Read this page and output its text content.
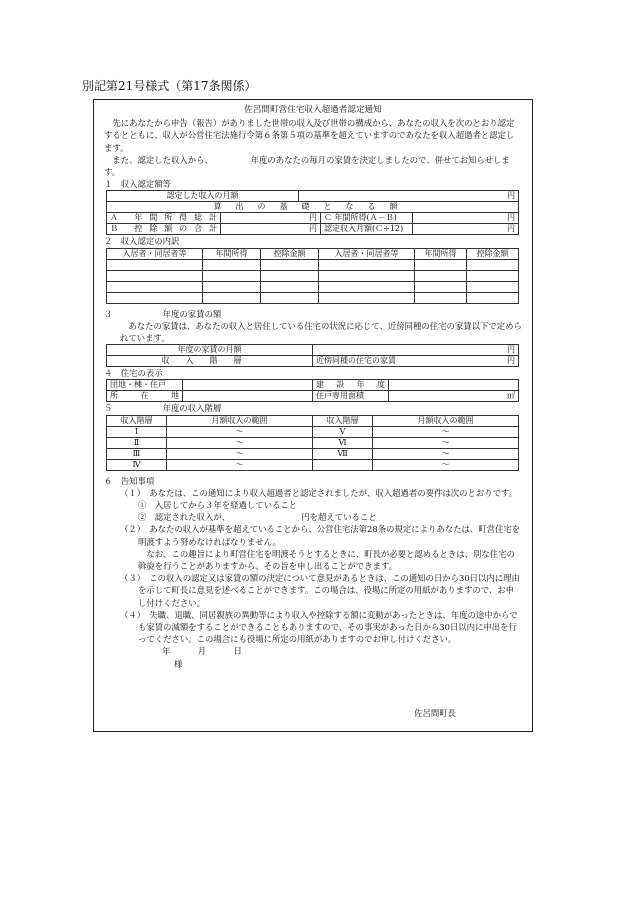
別記第21号様式（第17条関係）
佐呂間町営住宅収入超過者認定通知
先にあなたから申告（報告）がありました世帯の収入及び世帯の構成から、あなたの収入を次のとおり認定するとともに、収入が公営住宅法施行令第６条第５項の基準を超えていますのであなたを収入超過者と認定します。
また、認定した収入から、　　　　　年度のあなたの毎月の家賃を決定しましたので、併せてお知らせします。
１　収入認定額等
認定した収入の月額		円		
算出の基礎となる額				
Ａ 年間所得総計	円		Ｃ 年間所得(Ａ－Ｂ)	円
Ｂ 控除額の合計	円		認定収入月額(Ｃ÷12)	円
２　収入認定の内訳
入居者・同居者等	年間所得	控除金額	入居者・同居者等	年間所得	控除金額

３　　　　　　年度の家賃の額
あなたの家賃は、あなたの収入と居住している住宅の状況に応じて、近傍同種の住宅の家賃以下で定められています。
年度の家賃の月額	円
収入階層	近傍同種の住宅の家賃 円
４　住宅の表示
団地・棟・住戸		建設年度	
所在地		住戸専用面積	㎡
５　　　　　　年度の収入階層
収入階層	月額収入の範囲	収入階層	月額収入の範囲
Ⅰ	～	Ⅴ	～
Ⅱ	～	Ⅵ	～
Ⅲ	～	Ⅶ	～
Ⅳ	～		～
６　告知事項
（１）　あなたは、この通知により収入超過者と認定されましたが、収入超過者の要件は次のとおりです。
①　入居してから３年を経過していること
②　認定された収入が、　　　　　　　　　円を超えていること
（２）　あなたの収入が基準を超えていることから、公営住宅法第28条の規定によりあなたは、町営住宅を明渡すよう努めなければなりません。
なお、この趣旨により町営住宅を明渡そうとするときに、町長が必要と認めるときは、別な住宅の斡旋を行うことがありますから、その旨を申し出ることができます。
（３）　この収入の認定又は家賃の額の決定について意見があるときは、この通知の日から30日以内に理由を示して町長に意見を述べることができます。この場合は、役場に所定の用紙がありますので、お申し付けください。
（４）　失職、退職、同居親族の異動等により収入や控除する額に変動があったときは、年度の途中からでも家賃の減額をすることができることもありますので、その事実があった日から30日以内に申出を行ってください。この場合にも役場に所定の用紙がありますのでお申し付けください。
年	月	日
様
佐呂間町長
